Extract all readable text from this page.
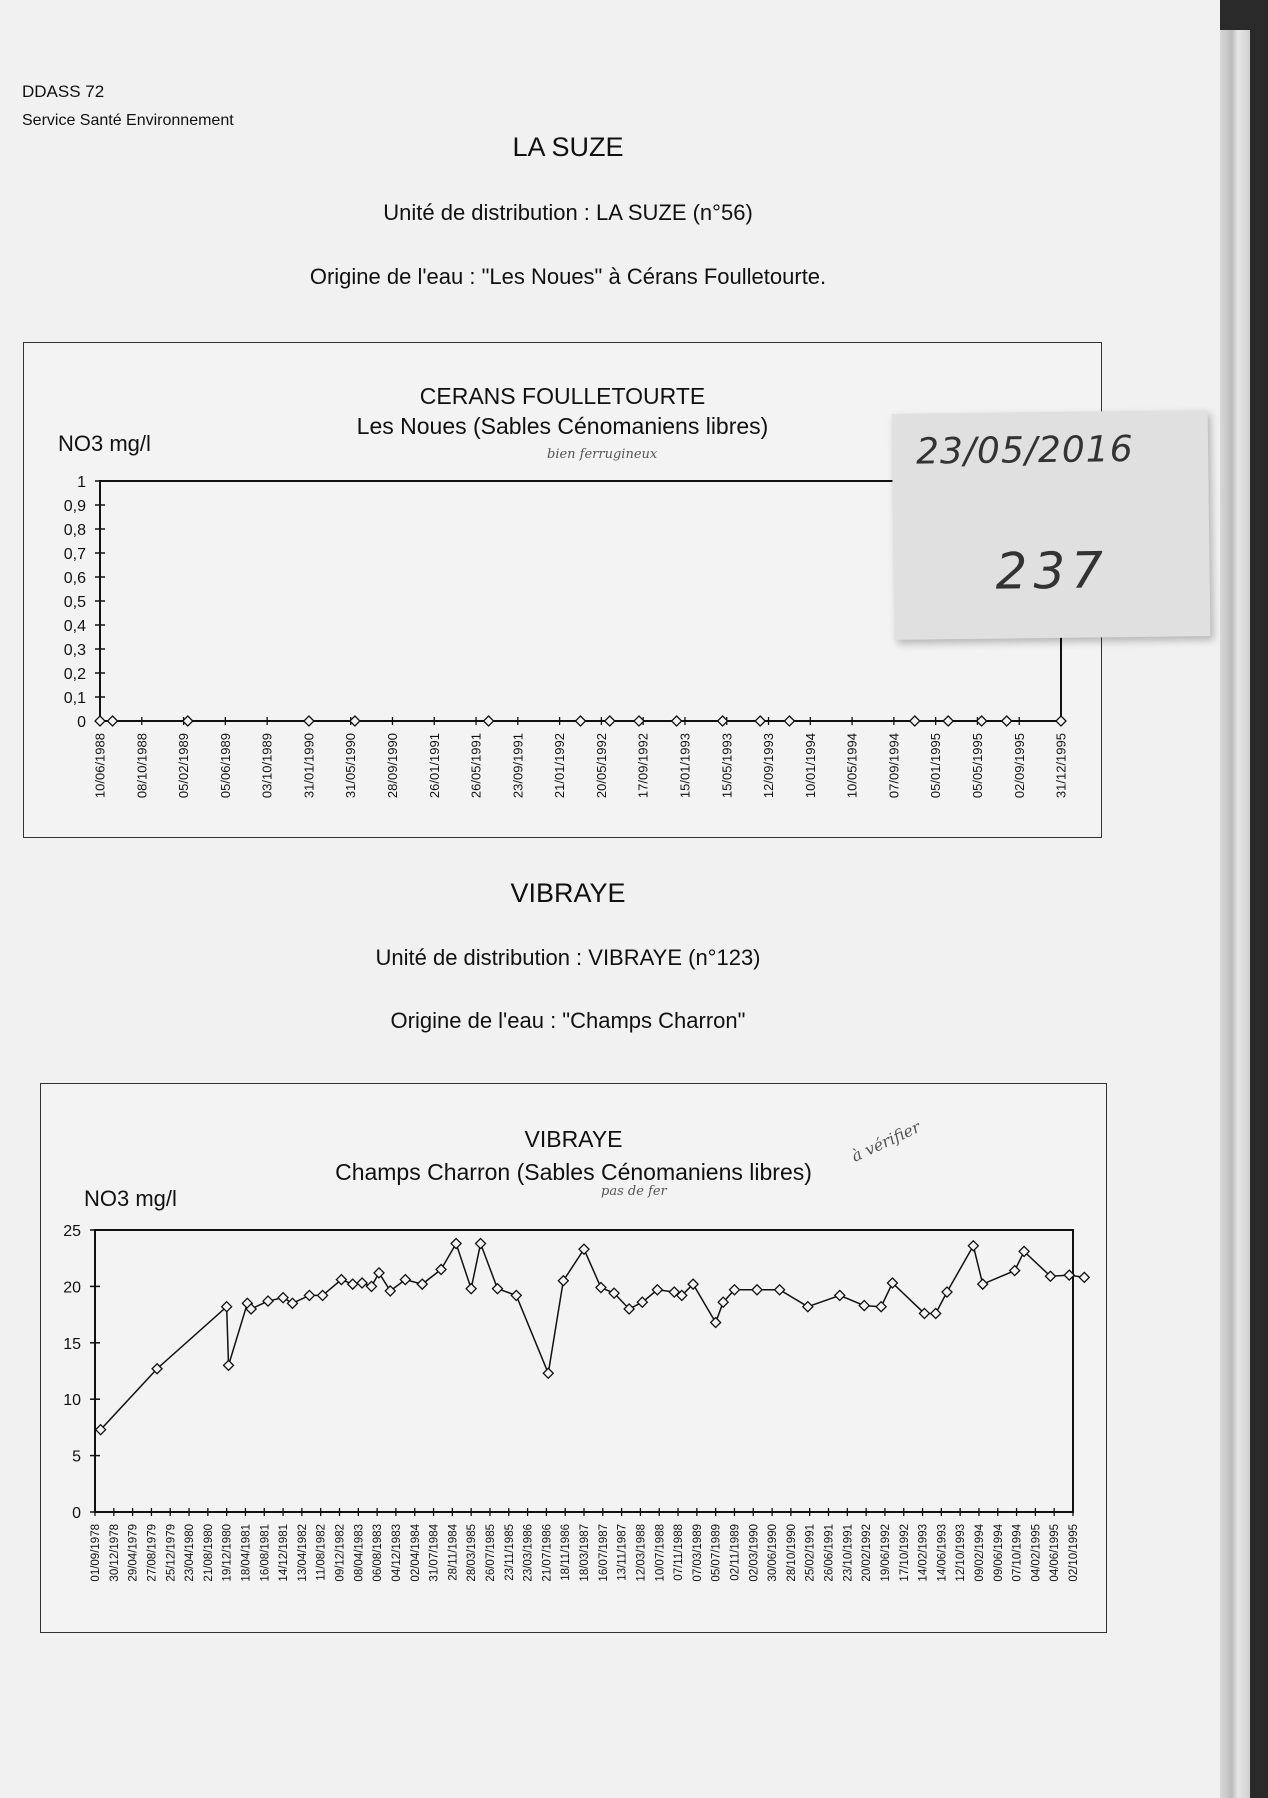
DDASS 72
Service Santé Environnement
LA SUZE
Unité de distribution : LA SUZE (n°56)
Origine de l'eau : "Les Noues" à Cérans Foulletourte.
CERANS FOULLETOURTE
Les Noues (Sables Cénomaniens libres)
NO3 mg/l	bien ferrugineux
0
0,1
0,2
0,3
0,4
0,5
0,6
0,7
0,8
0,9
1
10/06/1988 08/10/1988 05/02/1989 05/06/1989 03/10/1989 31/01/1990 31/05/1990 28/09/1990 26/01/1991 26/05/1991 23/09/1991 21/01/1992 20/05/1992 17/09/1992 15/01/1993 15/05/1993 12/09/1993 10/01/1994 10/05/1994 07/09/1994 05/01/1995 05/05/1995 02/09/1995 31/12/1995
VIBRAYE
Unité de distribution : VIBRAYE (n°123)
Origine de l'eau : "Champs Charron"
VIBRAYE
Champs Charron (Sables Cénomaniens libres)
NO3 mg/l	pas de fer
à vérifier
0
5
10
15
20
25
01/09/1978 30/12/1978 29/04/1979 27/08/1979 25/12/1979 23/04/1980 21/08/1980 19/12/1980 18/04/1981 16/08/1981 14/12/1981 13/04/1982 11/08/1982 09/12/1982 08/04/1983 06/08/1983 04/12/1983 02/04/1984 31/07/1984 28/11/1984 28/03/1985 26/07/1985 23/11/1985 23/03/1986 21/07/1986 18/11/1986 18/03/1987 16/07/1987 13/11/1987 12/03/1988 10/07/1988 07/11/1988 07/03/1989 05/07/1989 02/11/1989 02/03/1990 30/06/1990 28/10/1990 25/02/1991 26/06/1991 23/10/1991 20/02/1992 19/06/1992 17/10/1992 14/02/1993 14/06/1993 12/10/1993 09/02/1994 09/06/1994 07/10/1994 04/02/1995 04/06/1995 02/10/1995
23/05/2016
237
